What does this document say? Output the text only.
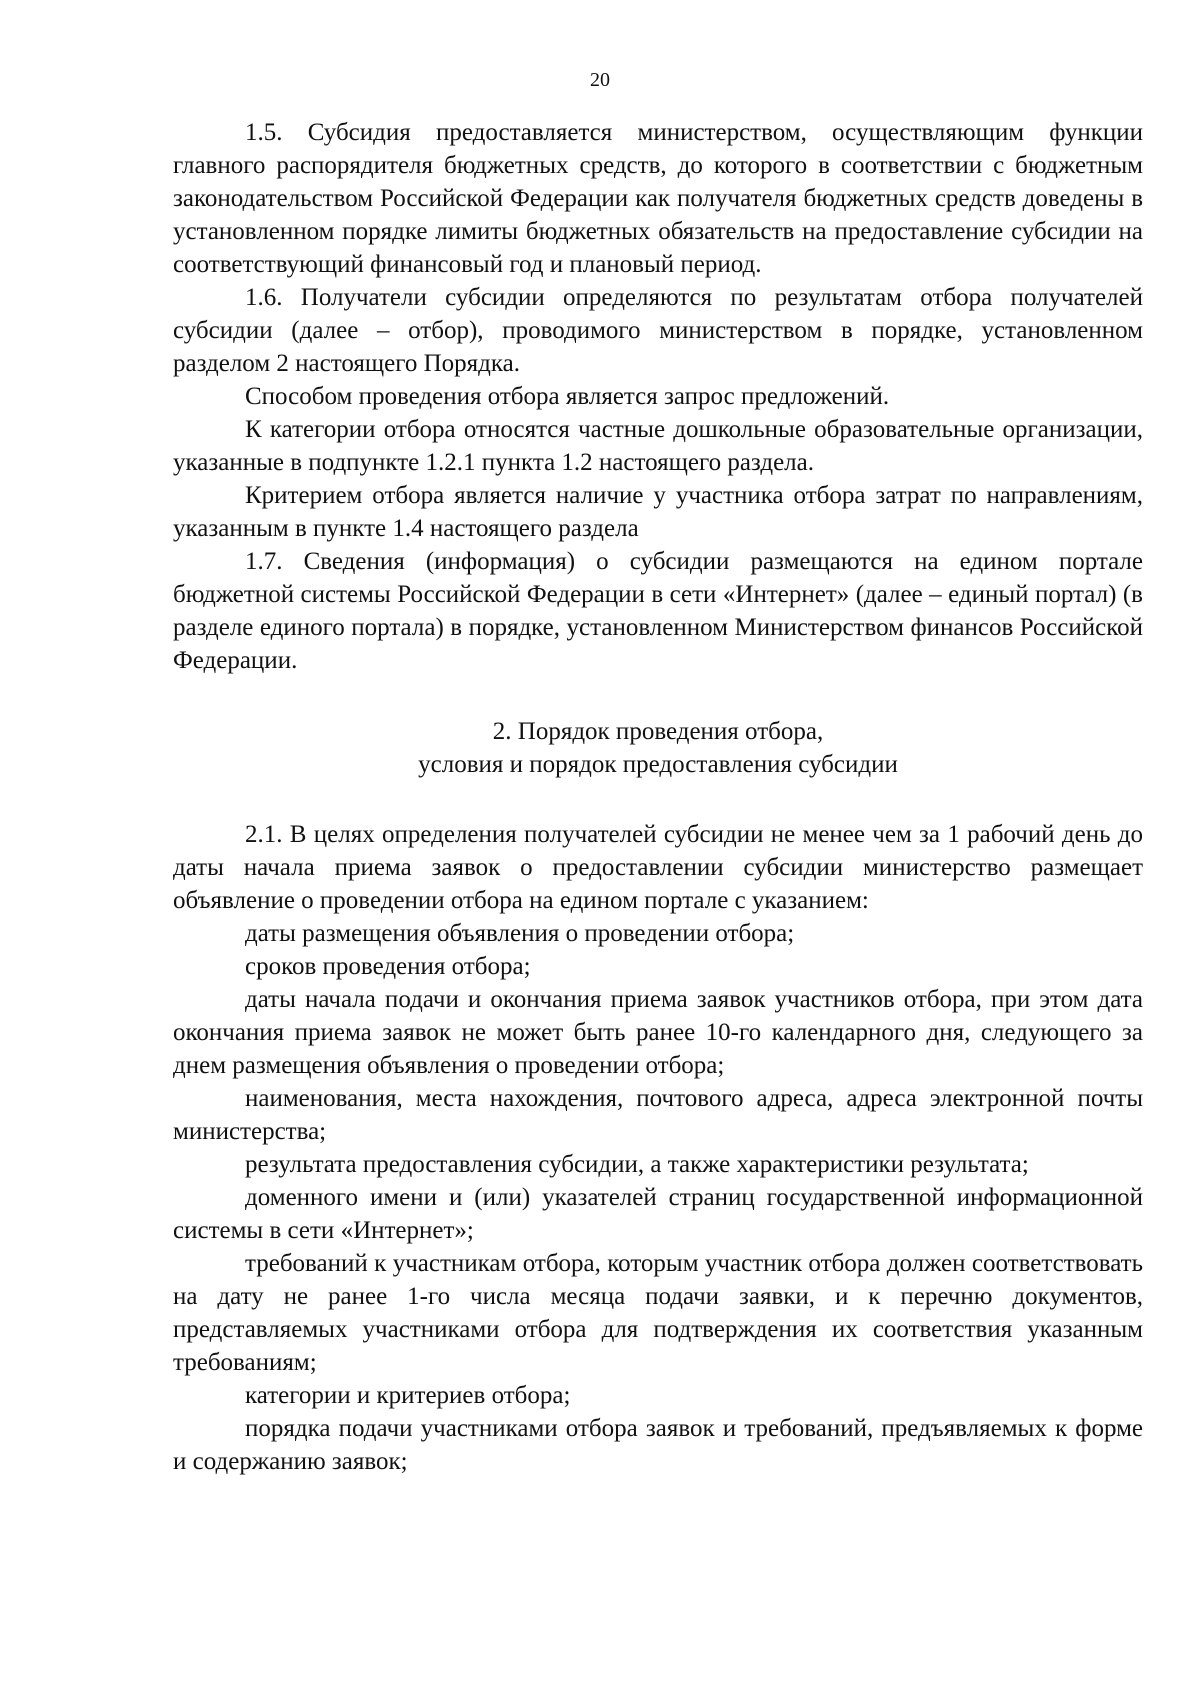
20

1.5. Субсидия предоставляется министерством, осуществляющим функции главного распорядителя бюджетных средств, до которого в соответствии с бюджетным законодательством Российской Федерации как получателя бюджетных средств доведены в установленном порядке лимиты бюджетных обязательств на предоставление субсидии на соответствующий финансовый год и плановый период.

1.6. Получатели субсидии определяются по результатам отбора получателей субсидии (далее – отбор), проводимого министерством в порядке, установленном разделом 2 настоящего Порядка.

Способом проведения отбора является запрос предложений.

К категории отбора относятся частные дошкольные образовательные организации, указанные в подпункте 1.2.1 пункта 1.2 настоящего раздела.

Критерием отбора является наличие у участника отбора затрат по направлениям, указанным в пункте 1.4 настоящего раздела

1.7. Сведения (информация) о субсидии размещаются на едином портале бюджетной системы Российской Федерации в сети «Интернет» (далее – единый портал) (в разделе единого портала) в порядке, установленном Министерством финансов Российской Федерации.

2. Порядок проведения отбора,
условия и порядок предоставления субсидии

2.1. В целях определения получателей субсидии не менее чем за 1 рабочий день до даты начала приема заявок о предоставлении субсидии министерство размещает объявление о проведении отбора на едином портале с указанием:

даты размещения объявления о проведении отбора;

сроков проведения отбора;

даты начала подачи и окончания приема заявок участников отбора, при этом дата окончания приема заявок не может быть ранее 10-го календарного дня, следующего за днем размещения объявления о проведении отбора;

наименования, места нахождения, почтового адреса, адреса электронной почты министерства;

результата предоставления субсидии, а также характеристики результата;

доменного имени и (или) указателей страниц государственной информационной системы в сети «Интернет»;

требований к участникам отбора, которым участник отбора должен соответствовать на дату не ранее 1-го числа месяца подачи заявки, и к перечню документов, представляемых участниками отбора для подтверждения их соответствия указанным требованиям;

категории и критериев отбора;

порядка подачи участниками отбора заявок и требований, предъявляемых к форме и содержанию заявок;
